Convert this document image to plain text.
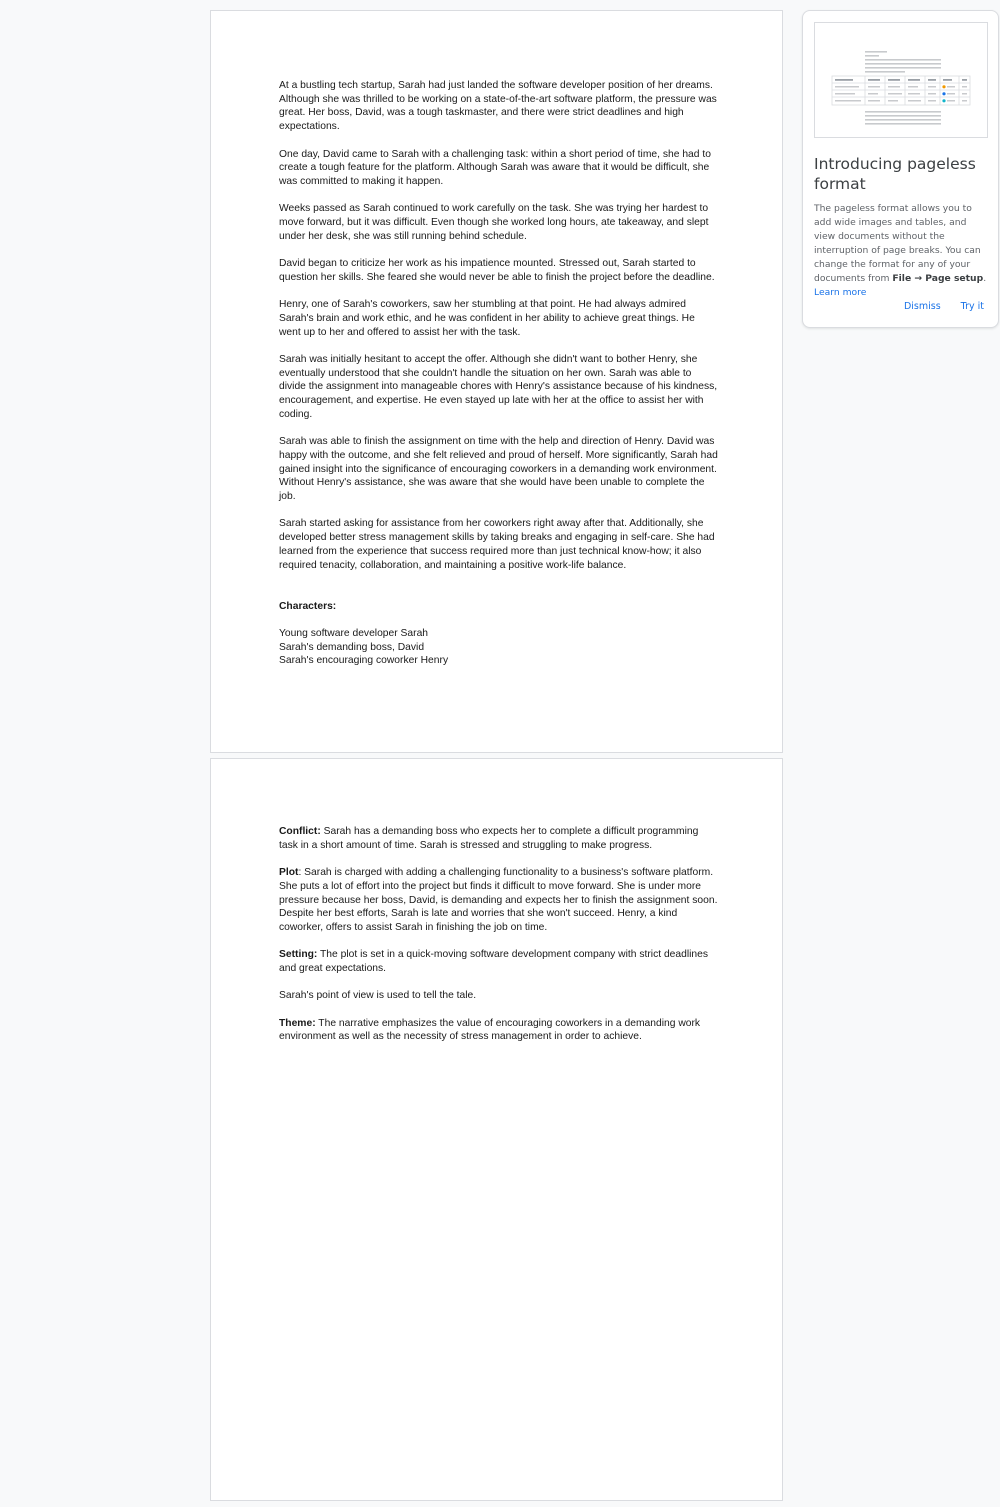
At a bustling tech startup, Sarah had just landed the software developer position of her dreams. Although she was thrilled to be working on a state-of-the-art software platform, the pressure was great. Her boss, David, was a tough taskmaster, and there were strict deadlines and high expectations.

One day, David came to Sarah with a challenging task: within a short period of time, she had to create a tough feature for the platform. Although Sarah was aware that it would be difficult, she was committed to making it happen.

Weeks passed as Sarah continued to work carefully on the task. She was trying her hardest to move forward, but it was difficult. Even though she worked long hours, ate takeaway, and slept under her desk, she was still running behind schedule.

David began to criticize her work as his impatience mounted. Stressed out, Sarah started to question her skills. She feared she would never be able to finish the project before the deadline.

Henry, one of Sarah's coworkers, saw her stumbling at that point. He had always admired Sarah's brain and work ethic, and he was confident in her ability to achieve great things. He went up to her and offered to assist her with the task.

Sarah was initially hesitant to accept the offer. Although she didn't want to bother Henry, she eventually understood that she couldn't handle the situation on her own. Sarah was able to divide the assignment into manageable chores with Henry's assistance because of his kindness, encouragement, and expertise. He even stayed up late with her at the office to assist her with coding.

Sarah was able to finish the assignment on time with the help and direction of Henry. David was happy with the outcome, and she felt relieved and proud of herself. More significantly, Sarah had gained insight into the significance of encouraging coworkers in a demanding work environment. Without Henry's assistance, she was aware that she would have been unable to complete the job.

Sarah started asking for assistance from her coworkers right away after that. Additionally, she developed better stress management skills by taking breaks and engaging in self-care. She had learned from the experience that success required more than just technical know-how; it also required tenacity, collaboration, and maintaining a positive work-life balance.

Characters:

Young software developer Sarah

Sarah's demanding boss, David

Sarah's encouraging coworker Henry

Conflict: Sarah has a demanding boss who expects her to complete a difficult programming task in a short amount of time. Sarah is stressed and struggling to make progress.

Plot: Sarah is charged with adding a challenging functionality to a business's software platform. She puts a lot of effort into the project but finds it difficult to move forward. She is under more pressure because her boss, David, is demanding and expects her to finish the assignment soon. Despite her best efforts, Sarah is late and worries that she won't succeed. Henry, a kind coworker, offers to assist Sarah in finishing the job on time.

Setting: The plot is set in a quick-moving software development company with strict deadlines and great expectations.

Sarah's point of view is used to tell the tale.

Theme: The narrative emphasizes the value of encouraging coworkers in a demanding work environment as well as the necessity of stress management in order to achieve.

Introducing pageless format
The pageless format allows you to add wide images and tables, and view documents without the interruption of page breaks. You can change the format for any of your documents from File → Page setup. Learn more
Dismiss Try it
